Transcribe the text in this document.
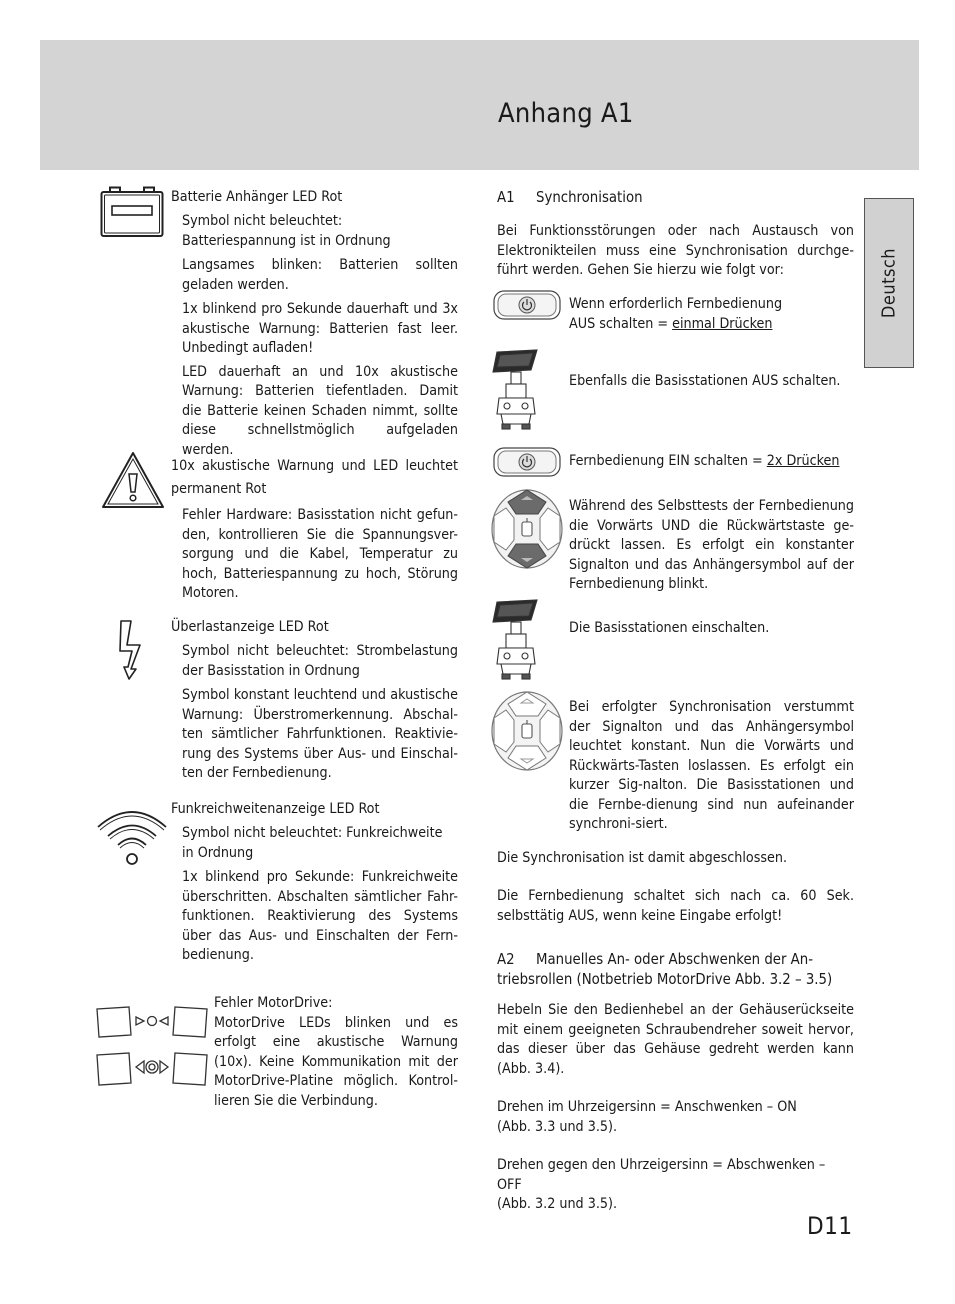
Anhang A1
Deutsch

Batterie Anhänger LED Rot

Symbol nicht beleuchtet: Batteriespannung ist in Ordnung

Langsames blinken: Batterien sollten geladen werden.

1x blinkend pro Sekunde dauerhaft und 3x akustische Warnung: Batterien fast leer. Unbedingt aufladen!

LED dauerhaft an und 10x akustische Warnung: Batterien tiefentladen. Damit die Batterie keinen Schaden nimmt, sollte diese schnellstmöglich aufgeladen werden.

10x akustische Warnung und LED leuchtet permanent Rot

Fehler Hardware: Basisstation nicht gefun-den, kontrollieren Sie die Spannungsver-sorgung und die Kabel, Temperatur zu hoch, Batteriespannung zu hoch, Störung Motoren.

Überlastanzeige LED Rot

Symbol nicht beleuchtet: Strombelastung der Basisstation in Ordnung

Symbol konstant leuchtend und akustische Warnung: Überstromerkennung. Abschal-ten sämtlicher Fahrfunktionen. Reaktivie-rung des Systems über Aus- und Einschal-ten der Fernbedienung.

Funkreichweitenanzeige LED Rot

Symbol nicht beleuchtet: Funkreichweite in Ordnung

1x blinkend pro Sekunde: Funkreichweite überschritten. Abschalten sämtlicher Fahr-funktionen. Reaktivierung des Systems über das Aus- und Einschalten der Fern-bedienung.

Fehler MotorDrive:

MotorDrive LEDs blinken und es erfolgt eine akustische Warnung (10x). Keine Kommunikation mit der MotorDrive-Platine möglich. Kontrol-lieren Sie die Verbindung.

A1 Synchronisation

Bei Funktionsstörungen oder nach Austausch von Elektronikteilen muss eine Synchronisation durchge-führt werden. Gehen Sie hierzu wie folgt vor:

Wenn erforderlich Fernbedienung

AUS schalten = einmal Drücken

Ebenfalls die Basisstationen AUS schalten.

Fernbedienung EIN schalten = 2x Drücken

Während des Selbsttests der Fernbedienung die Vorwärts UND die Rückwärtstaste ge-drückt lassen. Es erfolgt ein konstanter Signalton und das Anhängersymbol auf der Fernbedienung blinkt.

Die Basisstationen einschalten.

Bei erfolgter Synchronisation verstummt der Signalton und das Anhängersymbol leuchtet konstant. Nun die Vorwärts und Rückwärts-Tasten loslassen. Es erfolgt ein kurzer Sig-nalton. Die Basisstationen und die Fernbe-dienung sind nun aufeinander synchroni-siert.

Die Synchronisation ist damit abgeschlossen.

Die Fernbedienung schaltet sich nach ca. 60 Sek. selbsttätig AUS, wenn keine Eingabe erfolgt!

A2 Manuelles An- oder Abschwenken der An-triebsrollen (Notbetrieb MotorDrive Abb. 3.2 – 3.5)

Hebeln Sie den Bedienhebel an der Gehäuserückseite mit einem geeigneten Schraubendreher soweit hervor, das dieser über das Gehäuse gedreht werden kann (Abb. 3.4).

Drehen im Uhrzeigersinn = Anschwenken – ON

(Abb. 3.3 und 3.5).

Drehen gegen den Uhrzeigersinn = Abschwenken – OFF

(Abb. 3.2 und 3.5).

D11
